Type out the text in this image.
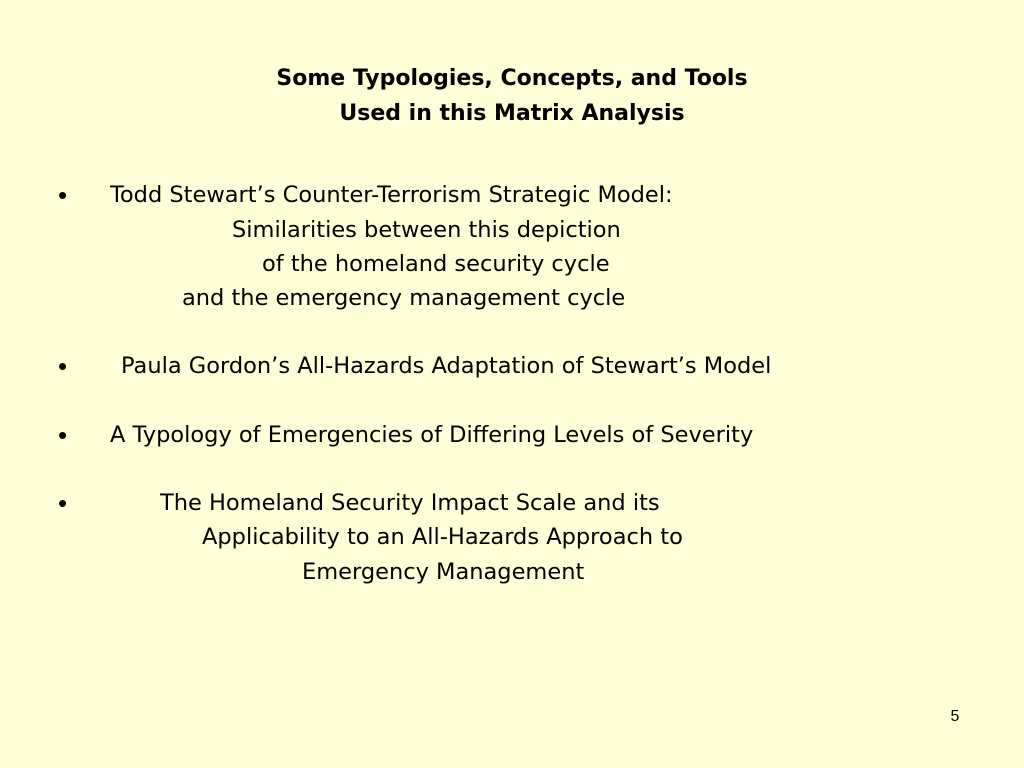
Some Typologies, Concepts, and Tools
Used in this Matrix Analysis
• Todd Stewart’s Counter-Terrorism Strategic Model:
Similarities between this depiction
of the homeland security cycle
and the emergency management cycle
• Paula Gordon’s All-Hazards Adaptation of Stewart’s Model
• A Typology of Emergencies of Differing Levels of Severity
•	The Homeland Security Impact Scale and its
Applicability to an All-Hazards Approach to
Emergency Management
5
